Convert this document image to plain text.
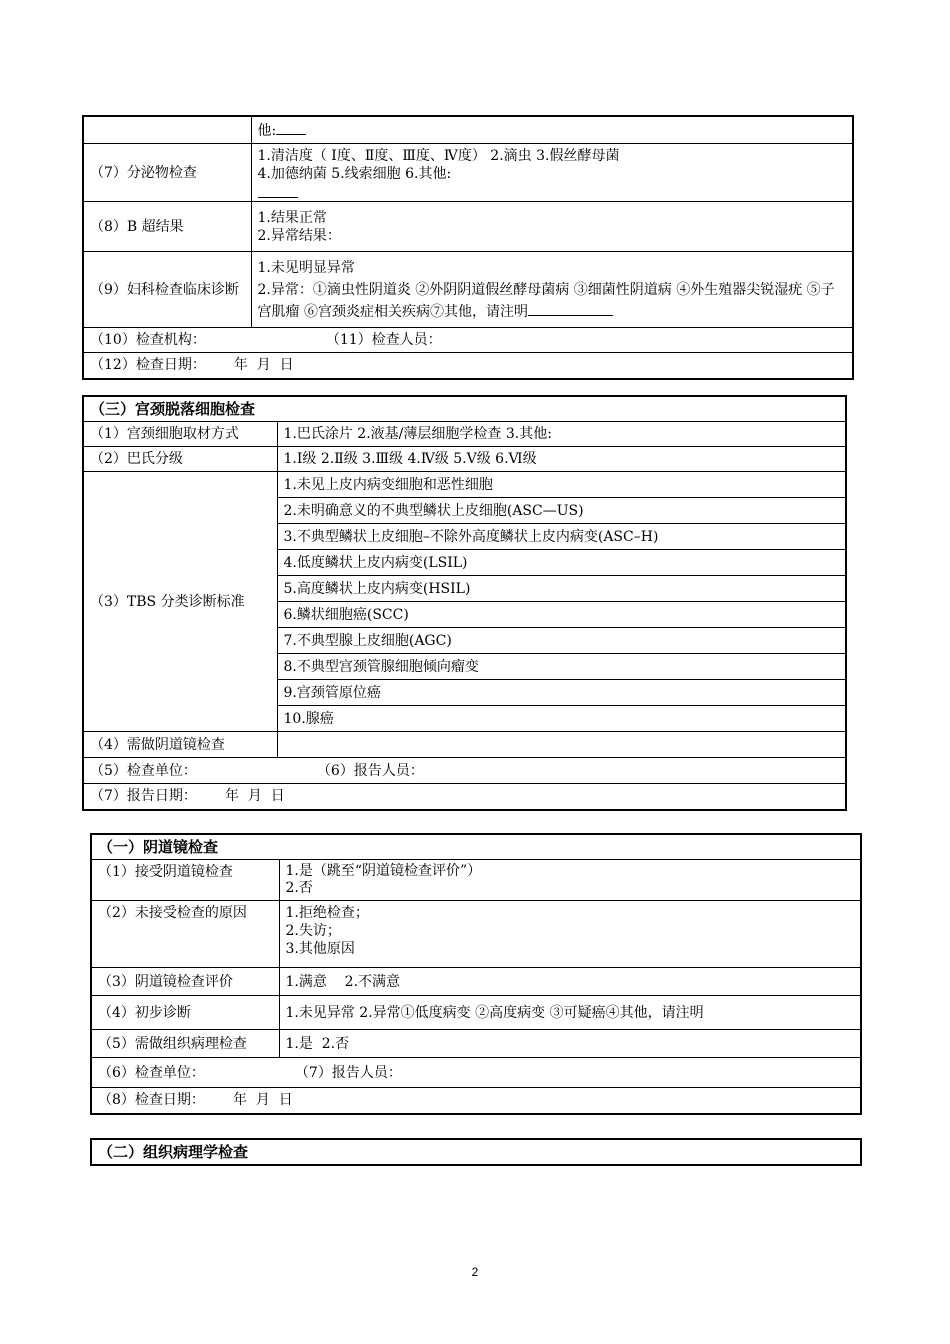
	他:
（7）分泌物检查	1.清洁度（ Ⅰ度、Ⅱ度、Ⅲ度、Ⅳ度） 2.滴虫 3.假丝酵母菌
4.加德纳菌 5.线索细胞 6.其他:

（8）B 超结果	1.结果正常
2.异常结果：

（9）妇科检查临床诊断	1.未见明显异常
2.异常：①滴虫性阴道炎 ②外阴阴道假丝酵母菌病 ③细菌性阴道病 ④外生殖器尖锐湿疣 ⑤子宫肌瘤 ⑥宫颈炎症相关疾病⑦其他，请注明
（10）检查机构： （11）检查人员：	
（12）检查日期： 年  月  日	
（三）宫颈脱落细胞检查	
（1）宫颈细胞取材方式	1.巴氏涂片 2.液基/薄层细胞学检查 3.其他:
（2）巴氏分级	1.Ⅰ级 2.Ⅱ级 3.Ⅲ级 4.Ⅳ级 5.Ⅴ级 6.Ⅵ级
（3）TBS 分类诊断标准	1.未见上皮内病变细胞和恶性细胞
	2.未明确意义的不典型鳞状上皮细胞(ASC—US)
	3.不典型鳞状上皮细胞–不除外高度鳞状上皮内病变(ASC–H)
	4.低度鳞状上皮内病变(LSIL)
	5.高度鳞状上皮内病变(HSIL)
	6.鳞状细胞癌(SCC)
	7.不典型腺上皮细胞(AGC)
	8.不典型宫颈管腺细胞倾向瘤变
	9.宫颈管原位癌
	10.腺癌
（4）需做阴道镜检查	
（5）检查单位： （6）报告人员：	
（7）报告日期： 年  月  日	
（一）阴道镜检查	
（1）接受阴道镜检查	1.是（跳至“阴道镜检查评价”）
2.否

（2）未接受检查的原因	1.拒绝检查；
2.失访；
3.其他原因

（3）阴道镜检查评价	1.满意    2.不满意
（4）初步诊断	1.未见异常 2.异常①低度病变 ②高度病变 ③可疑癌④其他，请注明
（5）需做组织病理检查	1.是  2.否
（6）检查单位： （7）报告人员：	
（8）检查日期： 年  月  日	
（二）组织病理学检查
2
